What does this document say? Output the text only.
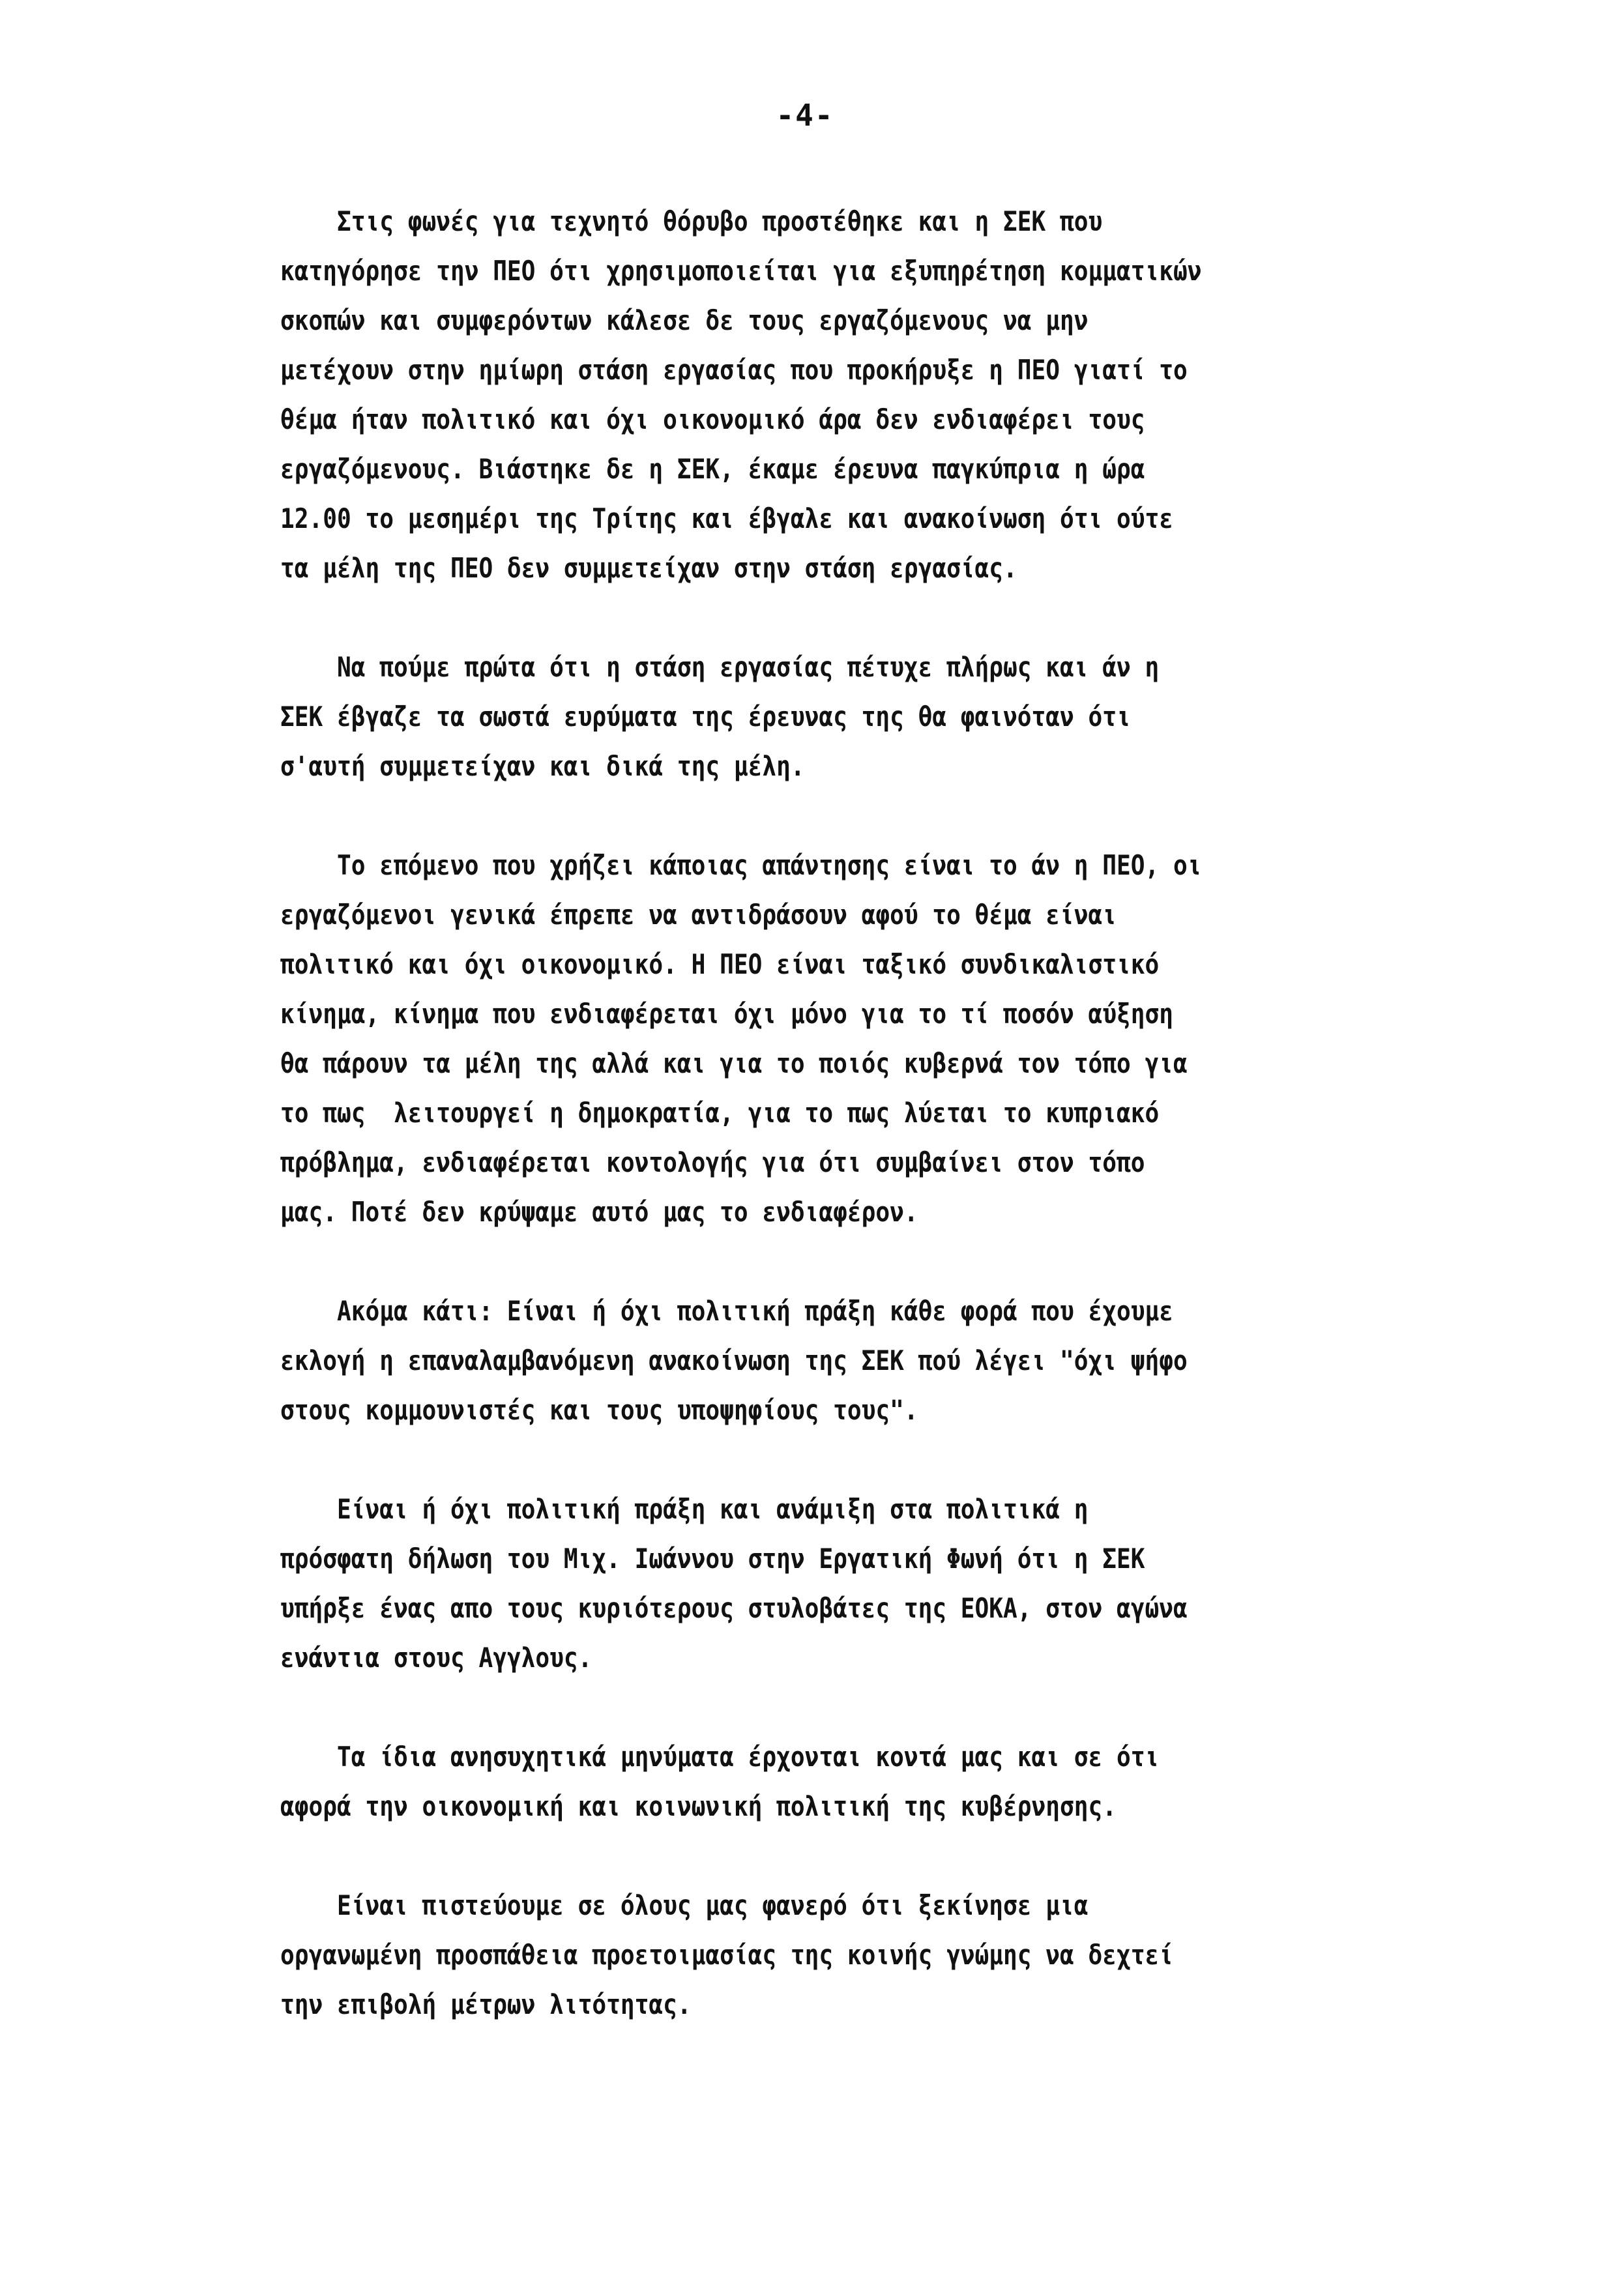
-4-
Στις φωνές για τεχνητό θόρυβο προστέθηκε και η ΣΕΚ που
κατηγόρησε την ΠΕΟ ότι χρησιμοποιείται για εξυπηρέτηση κομματικών
σκοπών και συμφερόντων κάλεσε δε τους εργαζόμενους να μην
μετέχουν στην ημίωρη στάση εργασίας που προκήρυξε η ΠΕΟ γιατί το
θέμα ήταν πολιτικό και όχι οικονομικό άρα δεν ενδιαφέρει τους
εργαζόμενους. Βιάστηκε δε η ΣΕΚ, έκαμε έρευνα παγκύπρια η ώρα
12.00 το μεσημέρι της Τρίτης και έβγαλε και ανακοίνωση ότι ούτε
τα μέλη της ΠΕΟ δεν συμμετείχαν στην στάση εργασίας.
Να πούμε πρώτα ότι η στάση εργασίας πέτυχε πλήρως και άν η
ΣΕΚ έβγαζε τα σωστά ευρύματα της έρευνας της θα φαινόταν ότι
σ'αυτή συμμετείχαν και δικά της μέλη.
Το επόμενο που χρήζει κάποιας απάντησης είναι το άν η ΠΕΟ, οι
εργαζόμενοι γενικά έπρεπε να αντιδράσουν αφού το θέμα είναι
πολιτικό και όχι οικονομικό. Η ΠΕΟ είναι ταξικό συνδικαλιστικό
κίνημα, κίνημα που ενδιαφέρεται όχι μόνο για το τί ποσόν αύξηση
θα πάρουν τα μέλη της αλλά και για το ποιός κυβερνά τον τόπο για
το πως  λειτουργεί η δημοκρατία, για το πως λύεται το κυπριακό
πρόβλημα, ενδιαφέρεται κοντολογής για ότι συμβαίνει στον τόπο
μας. Ποτέ δεν κρύψαμε αυτό μας το ενδιαφέρον.
Ακόμα κάτι: Είναι ή όχι πολιτική πράξη κάθε φορά που έχουμε
εκλογή η επαναλαμβανόμενη ανακοίνωση της ΣΕΚ πού λέγει "όχι ψήφο
στους κομμουνιστές και τους υποψηφίους τους".
Είναι ή όχι πολιτική πράξη και ανάμιξη στα πολιτικά η
πρόσφατη δήλωση του Μιχ. Ιωάννου στην Εργατική Φωνή ότι η ΣΕΚ
υπήρξε ένας απο τους κυριότερους στυλοβάτες της ΕΟΚΑ, στον αγώνα
ενάντια στους Αγγλους.
Τα ίδια ανησυχητικά μηνύματα έρχονται κοντά μας και σε ότι
αφορά την οικονομική και κοινωνική πολιτική της κυβέρνησης.
Είναι πιστεύουμε σε όλους μας φανερό ότι ξεκίνησε μια
οργανωμένη προσπάθεια προετοιμασίας της κοινής γνώμης να δεχτεί
την επιβολή μέτρων λιτότητας.
